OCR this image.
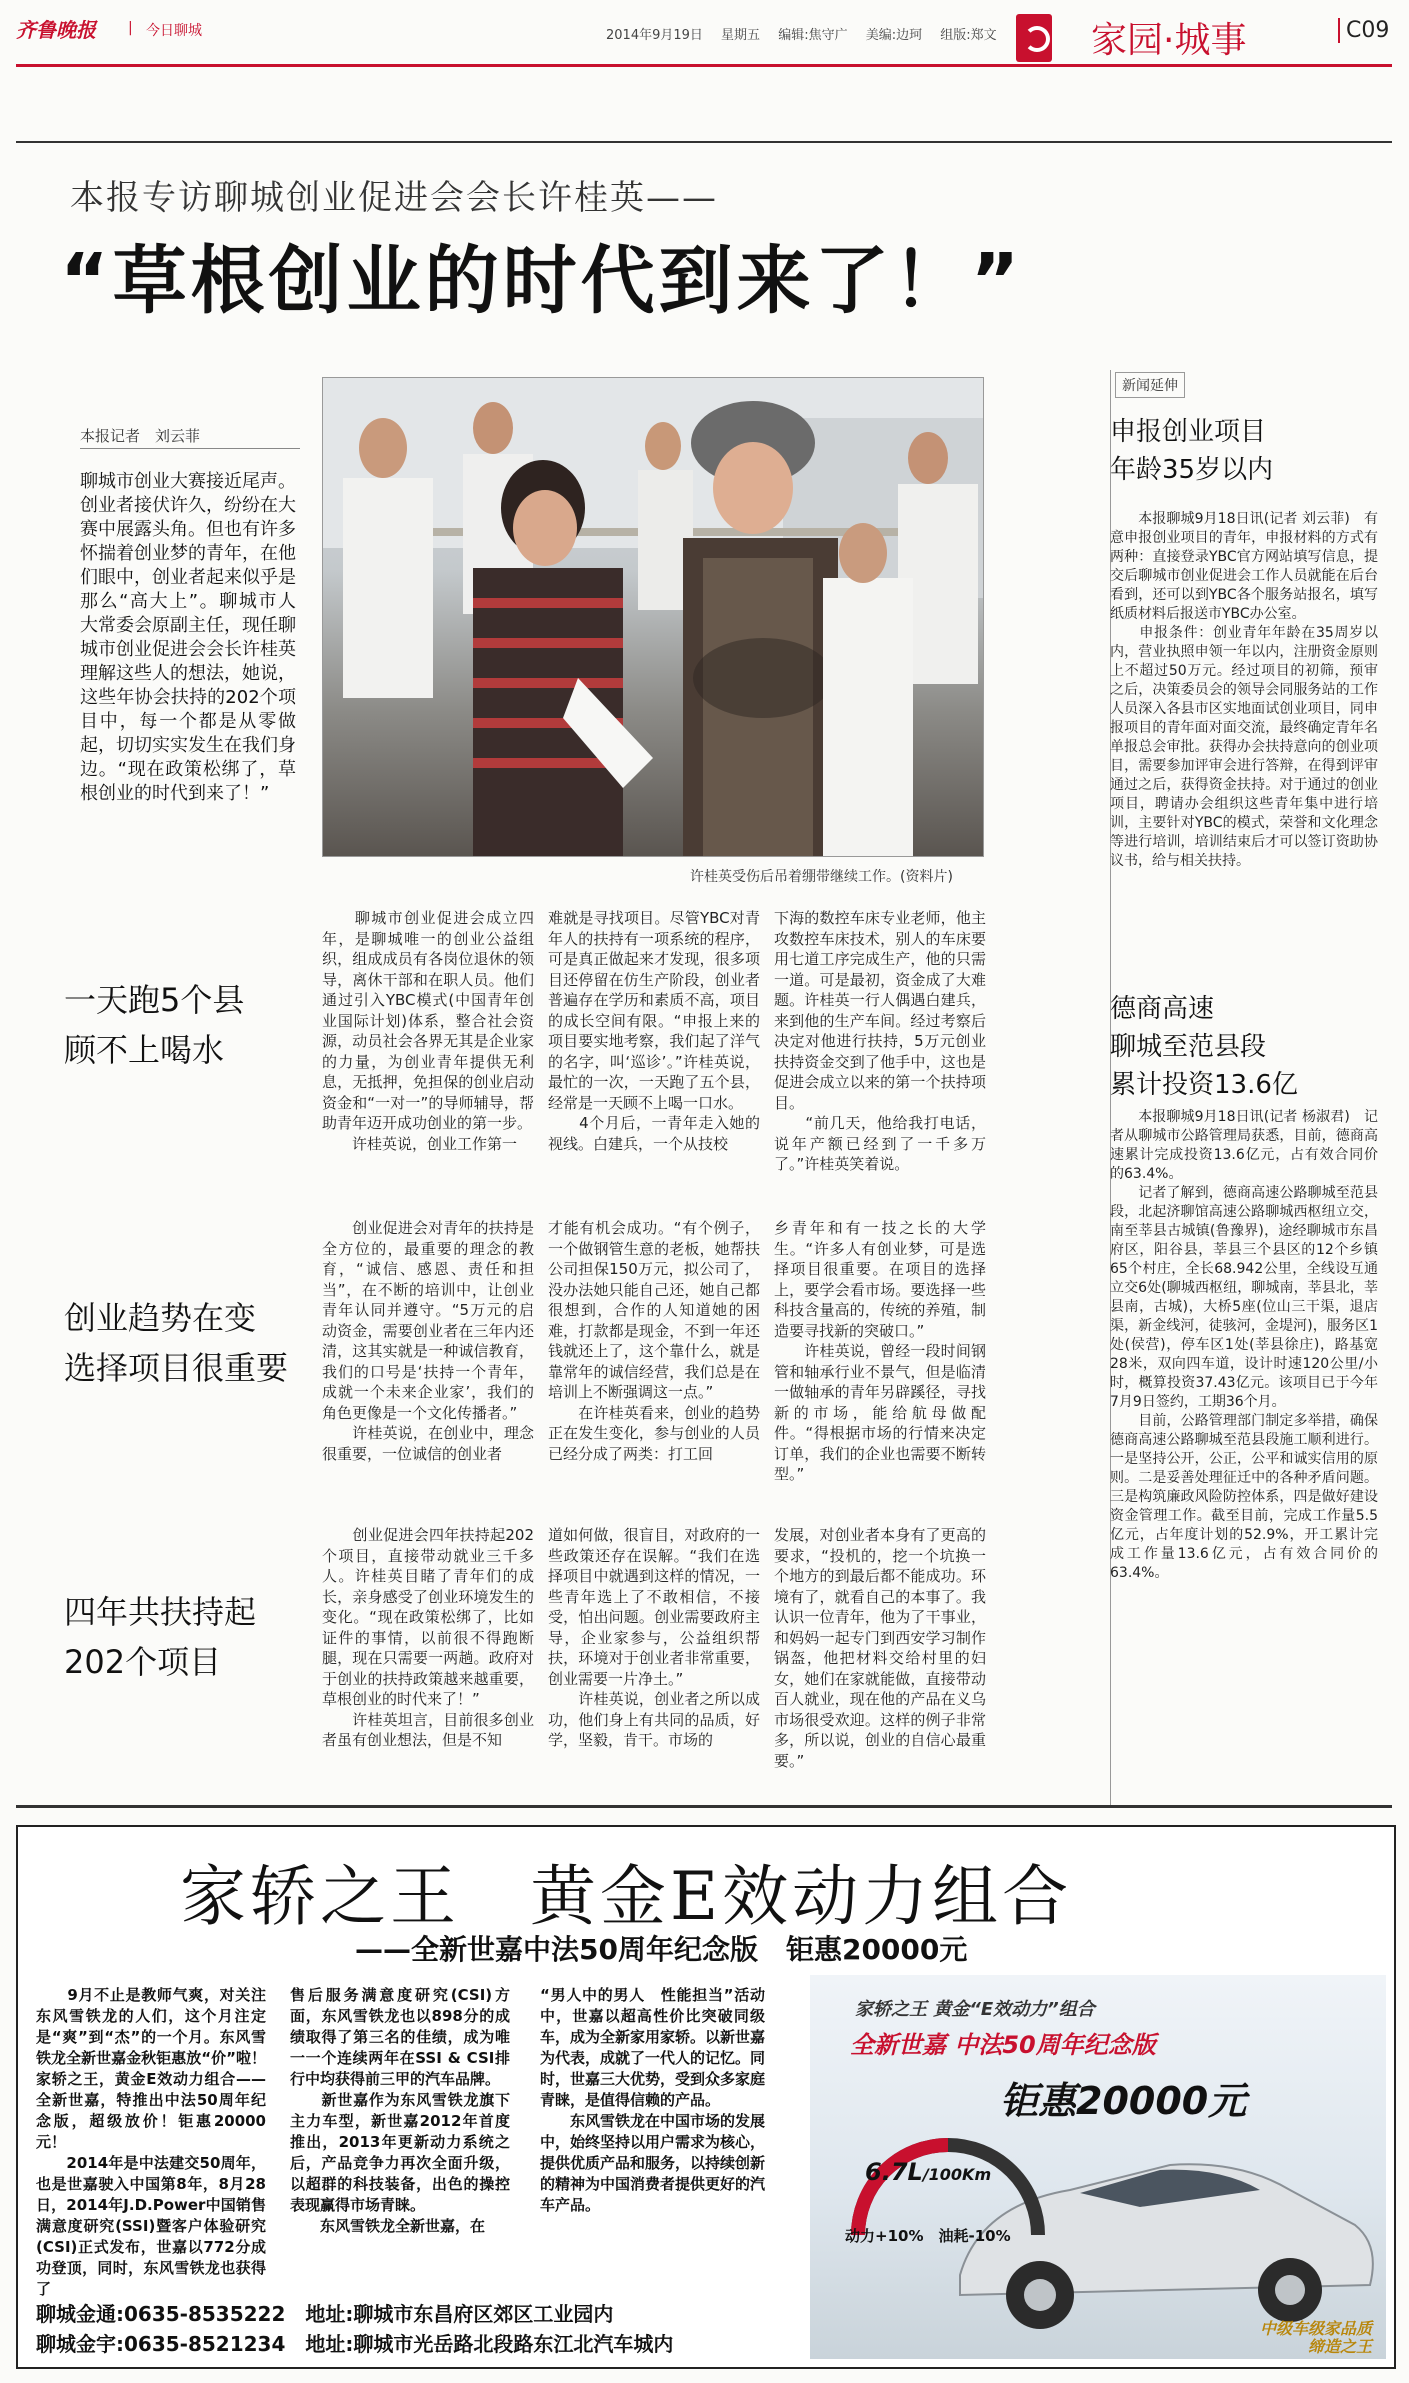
齐鲁晚报 | 今日聊城	2014年9月19日 星期五 编辑:焦守广 美编:边珂 组版:郑文	家园·城事	C09
本报专访聊城创业促进会会长许桂英——
“草根创业的时代到来了！”
本报记者　刘云菲
聊城市创业大赛接近尾声。创业者接伏许久，纷纷在大赛中展露头角。但也有许多怀揣着创业梦的青年，在他们眼中，创业者起来似乎是那么“高大上”。聊城市人大常委会原副主任，现任聊城市创业促进会会长许桂英理解这些人的想法，她说，这些年协会扶持的202个项目中，每一个都是从零做起，切切实实发生在我们身边。“现在政策松绑了，草根创业的时代到来了！”
许桂英受伤后吊着绷带继续工作。(资料片)
一天跑5个县
顾不上喝水
　　聊城市创业促进会成立四年，是聊城唯一的创业公益组织，组成成员有各岗位退休的领导，离休干部和在职人员。他们通过引入YBC模式(中国青年创业国际计划)体系，整合社会资源，动员社会各界无其是企业家的力量，为创业青年提供无利息，无抵押，免担保的创业启动资金和“一对一”的导师辅导，帮助青年迈开成功创业的第一步。
　　许桂英说，创业工作第一
难就是寻找项目。尽管YBC对青年人的扶持有一项系统的程序，可是真正做起来才发现，很多项目还停留在仿生产阶段，创业者普遍存在学历和素质不高，项目的成长空间有限。“申报上来的项目要实地考察，我们起了洋气的名字，叫‘巡诊’。”许桂英说，最忙的一次，一天跑了五个县，经常是一天顾不上喝一口水。
　　4个月后，一青年走入她的视线。白建兵，一个从技校
下海的数控车床专业老师，他主攻数控车床技术，别人的车床要用七道工序完成生产，他的只需一道。可是最初，资金成了大难题。许桂英一行人偶遇白建兵，来到他的生产车间。经过考察后决定对他进行扶持，5万元创业扶持资金交到了他手中，这也是促进会成立以来的第一个扶持项目。
　　“前几天，他给我打电话，说年产额已经到了一千多万了。”许桂英笑着说。
创业趋势在变
选择项目很重要
　　创业促进会对青年的扶持是全方位的，最重要的理念的教育，“诚信、感恩、责任和担当”，在不断的培训中，让创业青年认同并遵守。“5万元的启动资金，需要创业者在三年内还清，这其实就是一种诚信教育，我们的口号是‘扶持一个青年，成就一个未来企业家’，我们的角色更像是一个文化传播者。”
　　许桂英说，在创业中，理念很重要，一位诚信的创业者
才能有机会成功。“有个例子，一个做钢管生意的老板，她帮扶公司担保150万元，拟公司了，没办法她只能自己还，她自己都很想到，合作的人知道她的困难，打款都是现金，不到一年还钱就还上了，这个靠什么，就是靠常年的诚信经营，我们总是在培训上不断强调这一点。”
　　在许桂英看来，创业的趋势正在发生变化，参与创业的人员已经分成了两类：打工回
乡青年和有一技之长的大学生。“许多人有创业梦，可是选择项目很重要。在项目的选择上，要学会看市场。要选择一些科技含量高的，传统的养殖，制造要寻找新的突破口。”
　　许桂英说，曾经一段时间钢管和轴承行业不景气，但是临清一做轴承的青年另辟蹊径，寻找新的市场，能给航母做配件。“得根据市场的行情来决定订单，我们的企业也需要不断转型。”
四年共扶持起
202个项目
　　创业促进会四年扶持起202个项目，直接带动就业三千多人。许桂英目睹了青年们的成长，亲身感受了创业环境发生的变化。“现在政策松绑了，比如证件的事情，以前很不得跑断腿，现在只需要一两趟。政府对于创业的扶持政策越来越重要，草根创业的时代来了！”
　　许桂英坦言，目前很多创业者虽有创业想法，但是不知
道如何做，很盲目，对政府的一些政策还存在误解。“我们在选择项目中就遇到这样的情况，一些青年选上了不敢相信，不接受，怕出问题。创业需要政府主导，企业家参与，公益组织帮扶，环境对于创业者非常重要，创业需要一片净土。”
　　许桂英说，创业者之所以成功，他们身上有共同的品质，好学，坚毅，肯干。市场的
发展，对创业者本身有了更高的要求，“投机的，挖一个坑换一个地方的到最后都不能成功。环境有了，就看自己的本事了。我认识一位青年，他为了干事业，和妈妈一起专门到西安学习制作锅盔，他把材料交给村里的妇女，她们在家就能做，直接带动百人就业，现在他的产品在义乌市场很受欢迎。这样的例子非常多，所以说，创业的自信心最重要。”
新闻延伸
申报创业项目
年龄35岁以内
　　本报聊城9月18日讯(记者 刘云菲)　有意申报创业项目的青年，申报材料的方式有两种：直接登录YBC官方网站填写信息，提交后聊城市创业促进会工作人员就能在后台看到，还可以到YBC各个服务站报名，填写纸质材料后报送市YBC办公室。
　　申报条件：创业青年年龄在35周岁以内，营业执照申领一年以内，注册资金原则上不超过50万元。经过项目的初筛，预审之后，决策委员会的领导会同服务站的工作人员深入各县市区实地面试创业项目，同申报项目的青年面对面交流，最终确定青年名单报总会审批。获得办会扶持意向的创业项目，需要参加评审会进行答辩，在得到评审通过之后，获得资金扶持。对于通过的创业项目，聘请办会组织这些青年集中进行培训，主要针对YBC的模式，荣誉和文化理念等进行培训，培训结束后才可以签订资助协议书，给与相关扶持。
德商高速
聊城至范县段
累计投资13.6亿
　　本报聊城9月18日讯(记者 杨淑君)　记者从聊城市公路管理局获悉，目前，德商高速累计完成投资13.6亿元，占有效合同价的63.4%。
　　记者了解到，德商高速公路聊城至范县段，北起济聊馆高速公路聊城西枢纽立交，南至莘县古城镇(鲁豫界)，途经聊城市东昌府区，阳谷县，莘县三个县区的12个乡镇65个村庄，全长68.942公里，全线设互通立交6处(聊城西枢纽，聊城南，莘县北，莘县南，古城)，大桥5座(位山三干渠，退店渠，新金线河，徒骇河，金堤河)，服务区1处(侯营)，停车区1处(莘县徐庄)，路基宽28米，双向四车道，设计时速120公里/小时，概算投资37.43亿元。该项目已于今年7月9日签约，工期36个月。
　　目前，公路管理部门制定多举措，确保德商高速公路聊城至范县段施工顺利进行。一是坚持公开，公正，公平和诚实信用的原则。二是妥善处理征迁中的各种矛盾问题。三是构筑廉政风险防控体系，四是做好建设资金管理工作。截至目前，完成工作量5.5亿元，占年度计划的52.9%，开工累计完成工作量13.6亿元，占有效合同价的63.4%。
家轿之王　黄金E效动力组合
——全新世嘉中法50周年纪念版　钜惠20000元
　　9月不止是教师气爽，对关注东风雪铁龙的人们，这个月注定是“爽”到“杰”的一个月。东风雪铁龙全新世嘉金秋钜惠放“价”啦！家轿之王，黄金E效动力组合——全新世嘉，特推出中法50周年纪念版，超级放价！钜惠20000元！
　　2014年是中法建交50周年，也是世嘉驶入中国第8年，8月28日，2014年J.D.Power中国销售满意度研究(SSI)暨客户体验研究(CSI)正式发布，世嘉以772分成功登顶，同时，东风雪铁龙也获得了
售后服务满意度研究(CSI)方面，东风雪铁龙也以898分的成绩取得了第三名的佳绩，成为唯一一个连续两年在SSI & CSI排行中均获得前三甲的汽车品牌。
　　新世嘉作为东风雪铁龙旗下主力车型，新世嘉2012年首度推出，2013年更新动力系统之后，产品竞争力再次全面升级，以超群的科技装备，出色的操控表现赢得市场青睐。
　　东风雪铁龙全新世嘉，在
“男人中的男人　性能担当”活动中，世嘉以超高性价比突破同级车，成为全新家用家轿。以新世嘉为代表，成就了一代人的记忆。同时，世嘉三大优势，受到众多家庭青睐，是值得信赖的产品。
　　东风雪铁龙在中国市场的发展中，始终坚持以用户需求为核心，提供优质产品和服务，以持续创新的精神为中国消费者提供更好的汽车产品。
聊城金通:0635-8535222　地址:聊城市东昌府区郊区工业园内
聊城金宇:0635-8521234　地址:聊城市光岳路北段路东江北汽车城内
家轿之王 黄金“E效动力”组合
全新世嘉 中法50周年纪念版
钜惠20000元
6.7L/100Km
动力+10%　油耗-10%
中级车级家品质
缔造之王
